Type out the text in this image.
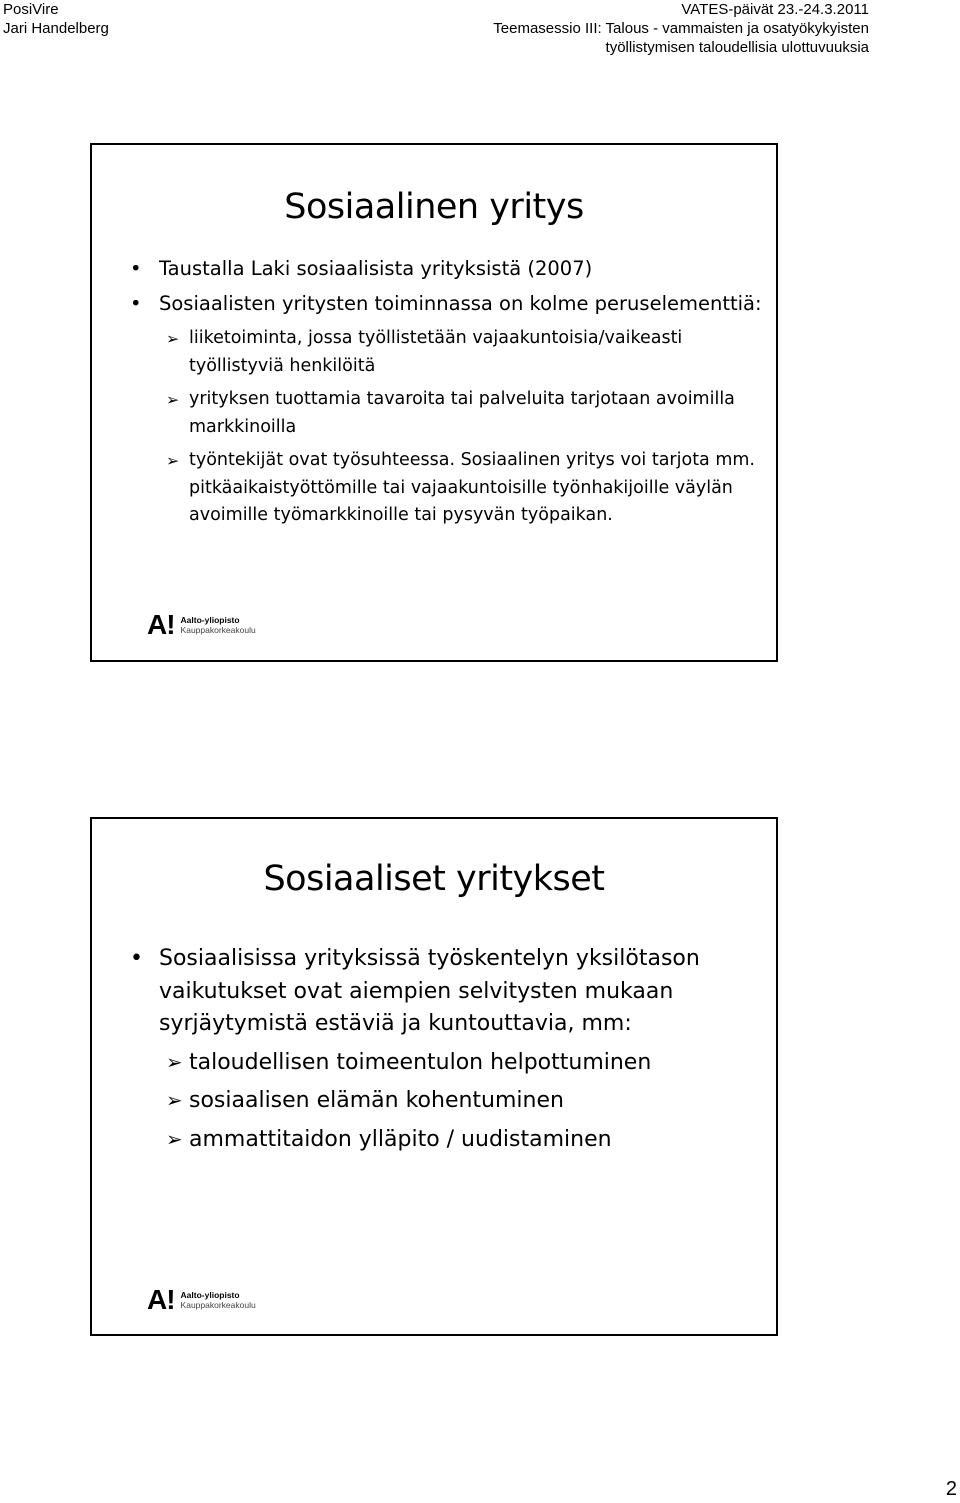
PosiVire
Jari Handelberg
VATES-päivät 23.-24.3.2011
Teemasessio III: Talous - vammaisten ja osatyökykyisten
työllistymisen taloudellisia ulottuvuuksia
Sosiaalinen yritys
• Taustalla Laki sosiaalisista yrityksistä (2007)
• Sosiaalisten yritysten toiminnassa on kolme peruselementtiä:
➢ liiketoiminta, jossa työllistetään vajaakuntoisia/vaikeasti työllistyviä henkilöitä
➢ yrityksen tuottamia tavaroita tai palveluita tarjotaan avoimilla markkinoilla
➢ työntekijät ovat työsuhteessa. Sosiaalinen yritys voi tarjota mm. pitkäaikaistyöttömille tai vajaakuntoisille työnhakijoille väylän avoimille työmarkkinoille tai pysyvän työpaikan.
A! Aalto-yliopisto
Kauppakorkeakoulu
Sosiaaliset yritykset
• Sosiaalisissa yrityksissä työskentelyn yksilötason vaikutukset ovat aiempien selvitysten mukaan syrjäytymistä estäviä ja kuntouttavia, mm:
➢ taloudellisen toimeentulon helpottuminen
➢ sosiaalisen elämän kohentuminen
➢ ammattitaidon ylläpito / uudistaminen
A! Aalto-yliopisto
Kauppakorkeakoulu
2
